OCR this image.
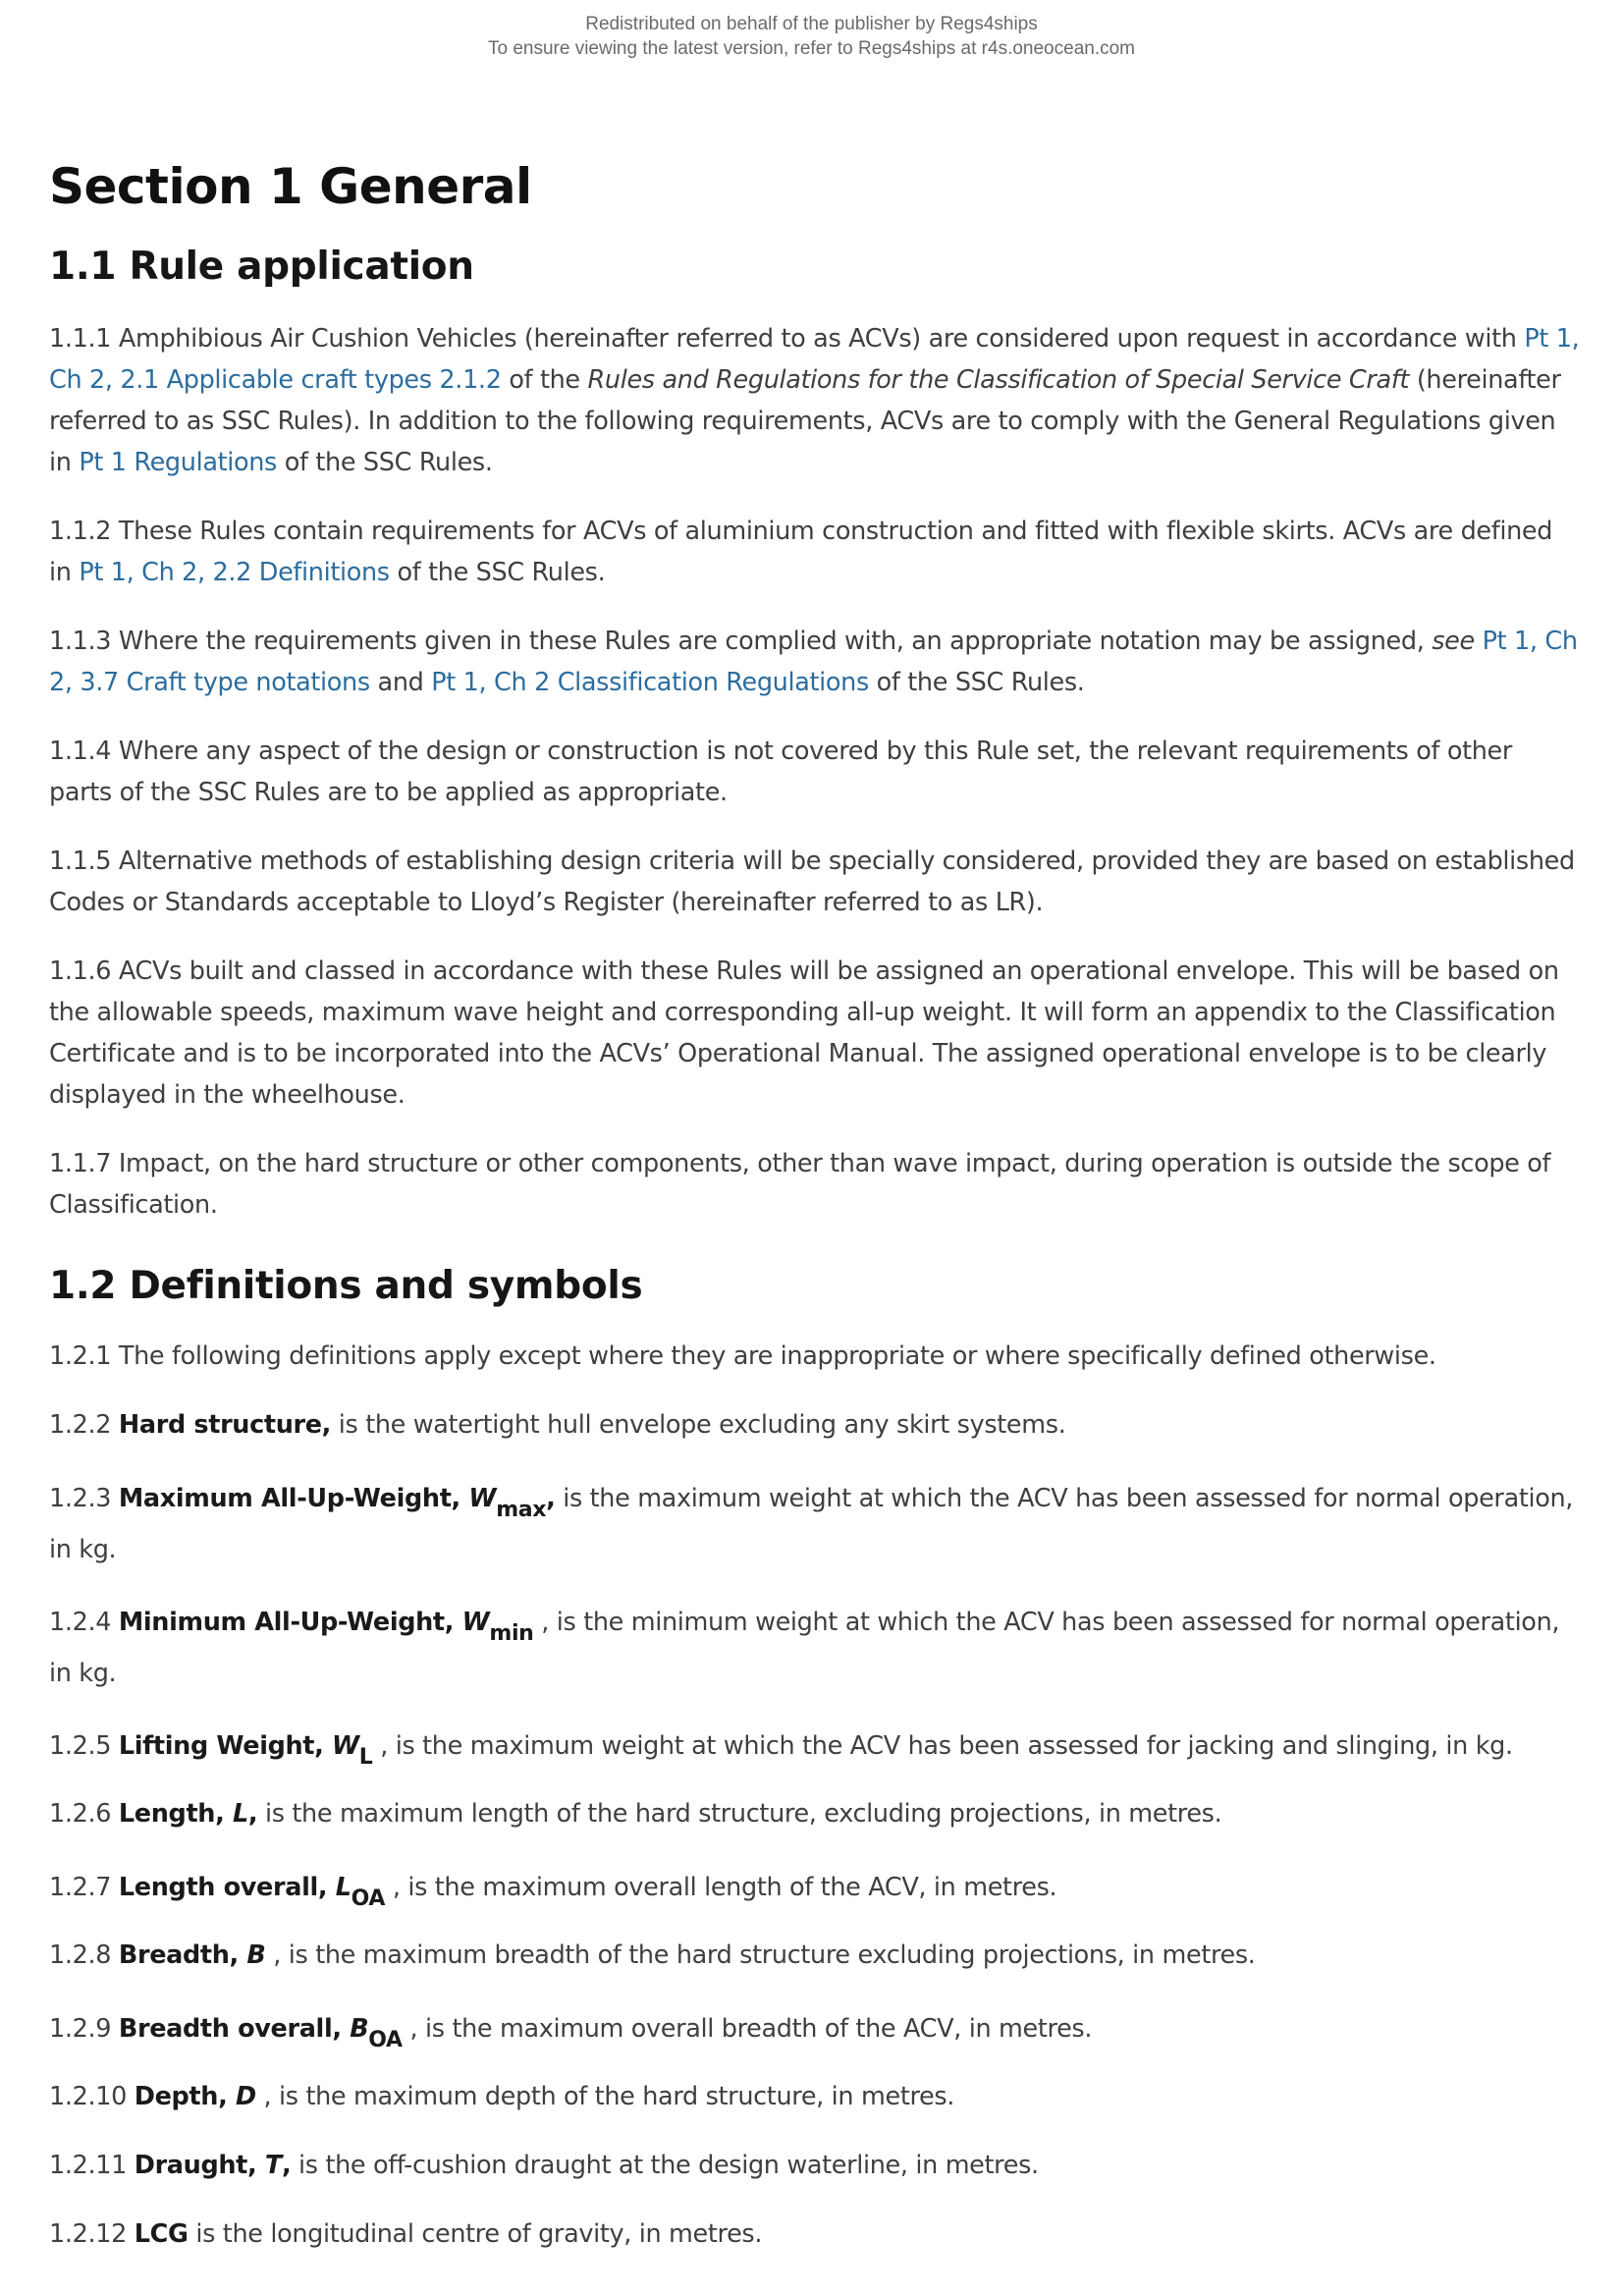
Redistributed on behalf of the publisher by Regs4ships
To ensure viewing the latest version, refer to Regs4ships at r4s.oneocean.com
Section 1 General
1.1 Rule application

1.1.1 Amphibious Air Cushion Vehicles (hereinafter referred to as ACVs) are considered upon request in accordance with Pt 1, Ch 2, 2.1 Applicable craft types 2.1.2 of the Rules and Regulations for the Classification of Special Service Craft (hereinafter referred to as SSC Rules). In addition to the following requirements, ACVs are to comply with the General Regulations given in Pt 1 Regulations of the SSC Rules.

1.1.2 These Rules contain requirements for ACVs of aluminium construction and fitted with flexible skirts. ACVs are defined in Pt 1, Ch 2, 2.2 Definitions of the SSC Rules.

1.1.3 Where the requirements given in these Rules are complied with, an appropriate notation may be assigned, see Pt 1, Ch 2, 3.7 Craft type notations and Pt 1, Ch 2 Classification Regulations of the SSC Rules.

1.1.4 Where any aspect of the design or construction is not covered by this Rule set, the relevant requirements of other parts of the SSC Rules are to be applied as appropriate.

1.1.5 Alternative methods of establishing design criteria will be specially considered, provided they are based on established Codes or Standards acceptable to Lloyd’s Register (hereinafter referred to as LR).

1.1.6 ACVs built and classed in accordance with these Rules will be assigned an operational envelope. This will be based on the allowable speeds, maximum wave height and corresponding all-up weight. It will form an appendix to the Classification Certificate and is to be incorporated into the ACVs’ Operational Manual. The assigned operational envelope is to be clearly displayed in the wheelhouse.

1.1.7 Impact, on the hard structure or other components, other than wave impact, during operation is outside the scope of Classification.

1.2 Definitions and symbols

1.2.1 The following definitions apply except where they are inappropriate or where specifically defined otherwise.

1.2.2 Hard structure, is the watertight hull envelope excluding any skirt systems.

1.2.3 Maximum All-Up-Weight, $W_{max}$, is the maximum weight at which the ACV has been assessed for normal operation, in kg.

1.2.4 Minimum All-Up-Weight, $W_{min}$ , is the minimum weight at which the ACV has been assessed for normal operation, in kg.

1.2.5 Lifting Weight, $W_L$ , is the maximum weight at which the ACV has been assessed for jacking and slinging, in kg.

1.2.6 Length, L, is the maximum length of the hard structure, excluding projections, in metres.

1.2.7 Length overall, $L_{OA}$ , is the maximum overall length of the ACV, in metres.

1.2.8 Breadth, B , is the maximum breadth of the hard structure excluding projections, in metres.

1.2.9 Breadth overall, $B_{OA}$ , is the maximum overall breadth of the ACV, in metres.

1.2.10 Depth, D , is the maximum depth of the hard structure, in metres.

1.2.11 Draught, T, is the off-cushion draught at the design waterline, in metres.

1.2.12 LCG is the longitudinal centre of gravity, in metres.
